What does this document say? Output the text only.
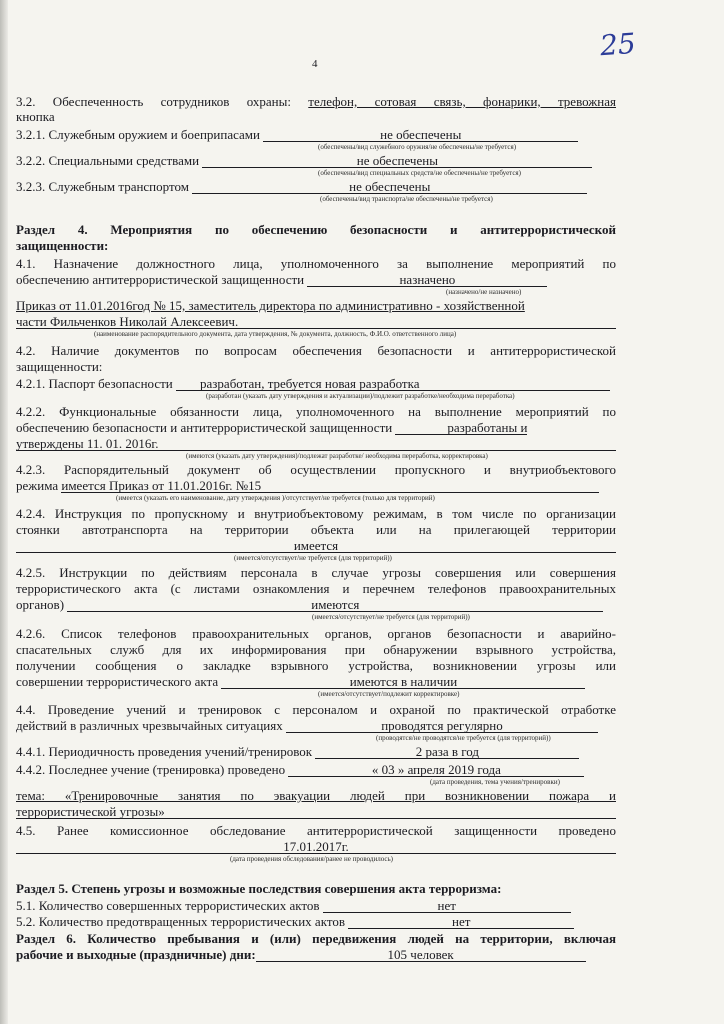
25
4
3.2. Обеспеченность сотрудников охраны: телефон, сотовая связь, фонарики, тревожная
кнопка
3.2.1. Служебным оружием и боеприпасами	не обеспечены
(обеспечены/вид служебного оружия/не обеспечены/не требуется)
3.2.2. Специальными средствами	не обеспечены
(обеспечены/вид специальных средств/не обеспечены/не требуется)
3.2.3. Служебным транспортом	не обеспечены
(обеспечены/вид транспорта/не обеспечены/не требуется)
Раздел 4. Мероприятия по обеспечению безопасности и антитеррористической
защищенности:
4.1. Назначение должностного лица, уполномоченного за выполнение мероприятий по
обеспечению антитеррористической защищенности	назначено
(назначено/не назначено)
Приказ от 11.01.2016год № 15, заместитель директора по административно - хозяйственной
части Фильченков Николай Алексеевич.
(наименование распорядительного документа, дата утверждения, № документа, должность, Ф.И.О. ответственного лица)
4.2. Наличие документов по вопросам обеспечения безопасности и антитеррористической
защищенности:
4.2.1. Паспорт безопасности разработан, требуется новая разработка
(разработан (указать дату утверждения и актуализации)/подлежит разработке/необходима переработка)
4.2.2. Функциональные обязанности лица, уполномоченного на выполнение мероприятий по
обеспечению безопасности и антитеррористической защищенности	разработаны и
утверждены 11. 01. 2016г.
(имеются (указать дату утверждения)/подлежат разработке/ необходима переработка, корректировка)
4.2.3. Распорядительный документ об осуществлении пропускного и внутриобъектового
режима имеется Приказ от 11.01.2016г. №15
(имеется (указать его наименование, дату утверждения )/отсутствует/не требуется (только для территорий)
4.2.4. Инструкция по пропускному и внутриобъектовому режимам, в том числе по организации
стоянки автотранспорта на территории объекта или на прилегающей территории
имеется
(имеется/отсутствует/не требуется (для территорий))
4.2.5. Инструкции по действиям персонала в случае угрозы совершения или совершения
террористического акта (с листами ознакомления и перечнем телефонов правоохранительных
органов)	имеются
(имеется/отсутствует/не требуется (для территорий))
4.2.6. Список телефонов правоохранительных органов, органов безопасности и аварийно-
спасательных служб для их информирования при обнаружении взрывного устройства,
получении сообщения о закладке взрывного устройства, возникновении угрозы или
совершении террористического акта	имеются в наличии
(имеется/отсутствует/подлежит корректировке)
4.4. Проведение учений и тренировок с персоналом и охраной по практической отработке
действий в различных чрезвычайных ситуациях	проводятся регулярно
(проводятся/не проводятся/не требуется (для территорий))
4.4.1. Периодичность проведения учений/тренировок	2 раза в год
4.4.2. Последнее учение (тренировка) проведено	« 03 » апреля 2019 года
(дата проведения, тема учения/тренировки)
тема: «Тренировочные занятия по эвакуации людей при возникновении пожара и
террористической угрозы»
4.5. Ранее комиссионное обследование антитеррористической защищенности проведено
17.01.2017г.
(дата проведения обследования/ранее не проводилось)
Раздел 5. Степень угрозы и возможные последствия совершения акта терроризма:
5.1. Количество совершенных террористических актов	нет
5.2. Количество предотвращенных террористических актов	нет
Раздел 6. Количество пребывания и (или) передвижения людей на территории, включая
рабочие и выходные (праздничные) дни:	105 человек
